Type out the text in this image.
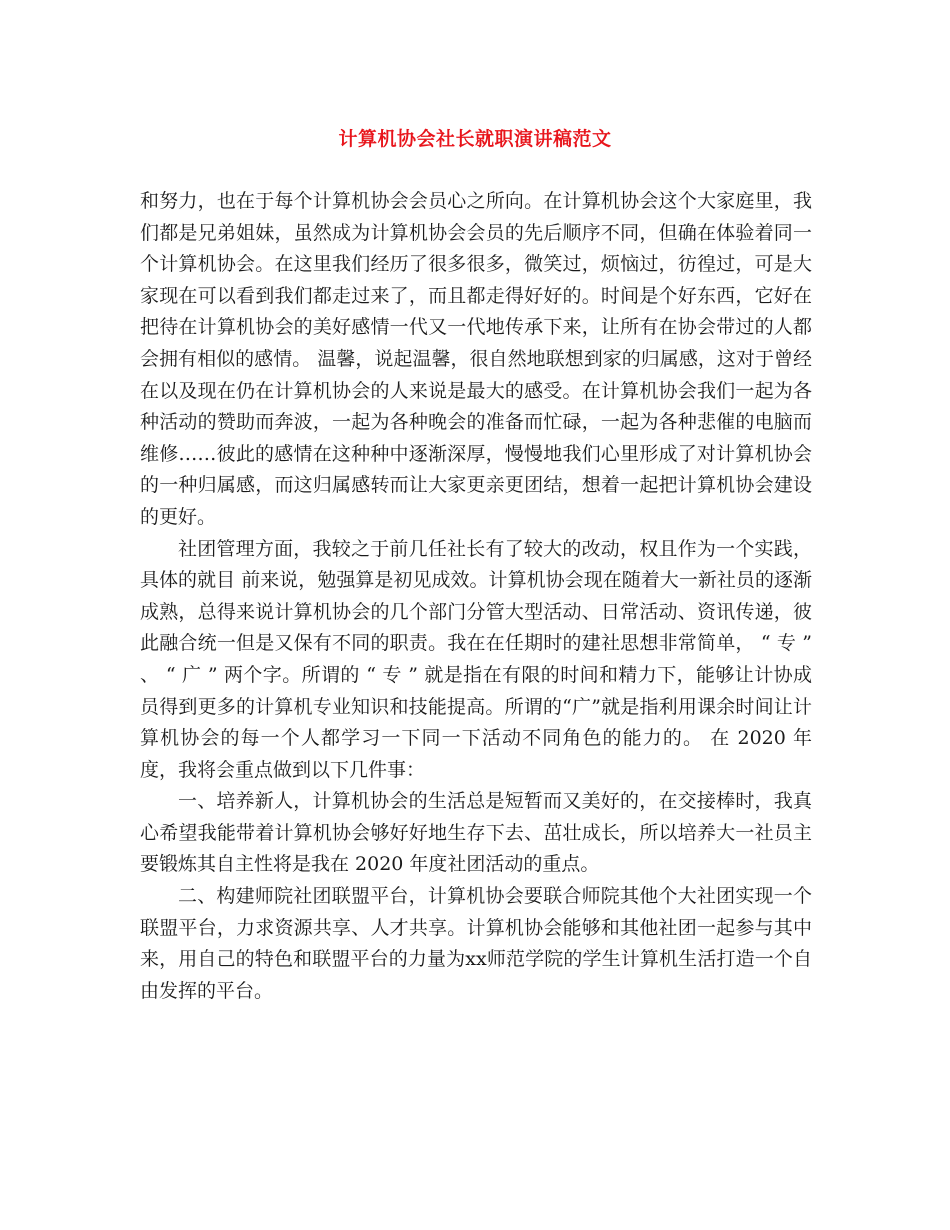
计算机协会社长就职演讲稿范文

和努力，也在于每个计算机协会会员心之所向。在计算机协会这个大家庭里，我们都是兄弟姐妹，虽然成为计算机协会会员的先后顺序不同，但确在体验着同一个计算机协会。在这里我们经历了很多很多，微笑过，烦恼过，彷徨过，可是大家现在可以看到我们都走过来了，而且都走得好好的。时间是个好东西，它好在把待在计算机协会的美好感情一代又一代地传承下来，让所有在协会带过的人都会拥有相似的感情。 温馨，说起温馨，很自然地联想到家的归属感，这对于曾经在以及现在仍在计算机协会的人来说是最大的感受。在计算机协会我们一起为各种活动的赞助而奔波，一起为各种晚会的准备而忙碌，一起为各种悲催的电脑而维修……彼此的感情在这种种中逐渐深厚，慢慢地我们心里形成了对计算机协会的一种归属感，而这归属感转而让大家更亲更团结，想着一起把计算机协会建设的更好。

社团管理方面，我较之于前几任社长有了较大的改动，权且作为一个实践，具体的就目 前来说，勉强算是初见成效。计算机协会现在随着大一新社员的逐渐成熟，总得来说计算机协会的几个部门分管大型活动、日常活动、资讯传递，彼此融合统一但是又保有不同的职责。我在在任期时的建社思想非常简单， “ 专 ” 、 “ 广 ” 两个字。所谓的 “ 专 ” 就是指在有限的时间和精力下，能够让计协成员得到更多的计算机专业知识和技能提高。所谓的“广”就是指利用课余时间让计算机协会的每一个人都学习一下同一下活动不同角色的能力的。 在 2020 年度，我将会重点做到以下几件事：

一、培养新人，计算机协会的生活总是短暂而又美好的，在交接棒时，我真心希望我能带着计算机协会够好好地生存下去、茁壮成长，所以培养大一社员主要锻炼其自主性将是我在 2020 年度社团活动的重点。

二、构建师院社团联盟平台，计算机协会要联合师院其他个大社团实现一个联盟平台，力求资源共享、人才共享。计算机协会能够和其他社团一起参与其中来，用自己的特色和联盟平台的力量为xx师范学院的学生计算机生活打造一个自由发挥的平台。
